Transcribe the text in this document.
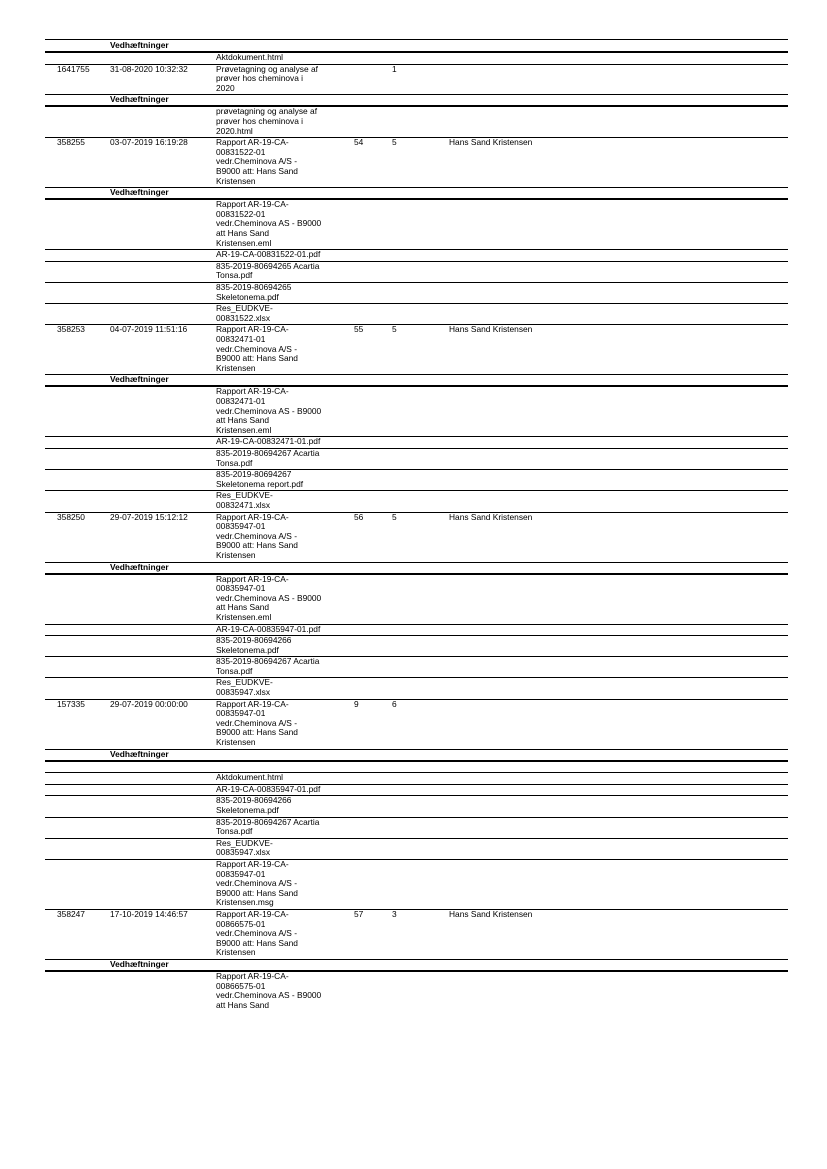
Vedhæftninger
Aktdokument.html
1641755 31-08-2020 10:32:32	1
Prøvetagning og analyse af
prøver hos cheminova i
2020
Vedhæftninger
prøvetagning og analyse af
prøver hos cheminova i
2020.html
358255	03-07-2019 16:19:28	54	5	Hans Sand Kristensen
Rapport AR-19-CA-
00831522-01
vedr.Cheminova A/S -
B9000 att: Hans Sand
Kristensen
Vedhæftninger
Rapport AR-19-CA-
00831522-01
vedr.Cheminova AS - B9000
att Hans Sand
Kristensen.eml
AR-19-CA-00831522-01.pdf
835-2019-80694265 Acartia
Tonsa.pdf
835-2019-80694265
Skeletonema.pdf
Res_EUDKVE-
00831522.xlsx
358253	04-07-2019 11:51:16	55	5	Hans Sand Kristensen
Rapport AR-19-CA-
00832471-01
vedr.Cheminova A/S -
B9000 att: Hans Sand
Kristensen
Vedhæftninger
Rapport AR-19-CA-
00832471-01
vedr.Cheminova AS - B9000
att Hans Sand
Kristensen.eml
AR-19-CA-00832471-01.pdf
835-2019-80694267 Acartia
Tonsa.pdf
835-2019-80694267
Skeletonema report.pdf
Res_EUDKVE-
00832471.xlsx
358250	29-07-2019 15:12:12	56	5	Hans Sand Kristensen
Rapport AR-19-CA-
00835947-01
vedr.Cheminova A/S -
B9000 att: Hans Sand
Kristensen
Vedhæftninger
Rapport AR-19-CA-
00835947-01
vedr.Cheminova AS - B9000
att Hans Sand
Kristensen.eml
AR-19-CA-00835947-01.pdf
835-2019-80694266
Skeletonema.pdf
835-2019-80694267 Acartia
Tonsa.pdf
Res_EUDKVE-
00835947.xlsx
157335	29-07-2019 00:00:00	9	6
Rapport AR-19-CA-
00835947-01
vedr.Cheminova A/S -
B9000 att: Hans Sand
Kristensen
Vedhæftninger
Aktdokument.html
AR-19-CA-00835947-01.pdf
835-2019-80694266
Skeletonema.pdf
835-2019-80694267 Acartia
Tonsa.pdf
Res_EUDKVE-
00835947.xlsx
Rapport AR-19-CA-
00835947-01
vedr.Cheminova A/S -
B9000 att: Hans Sand
Kristensen.msg
358247	17-10-2019 14:46:57	57	3	Hans Sand Kristensen
Rapport AR-19-CA-
00866575-01
vedr.Cheminova A/S -
B9000 att: Hans Sand
Kristensen
Vedhæftninger
Rapport AR-19-CA-
00866575-01
vedr.Cheminova AS - B9000
att Hans Sand
